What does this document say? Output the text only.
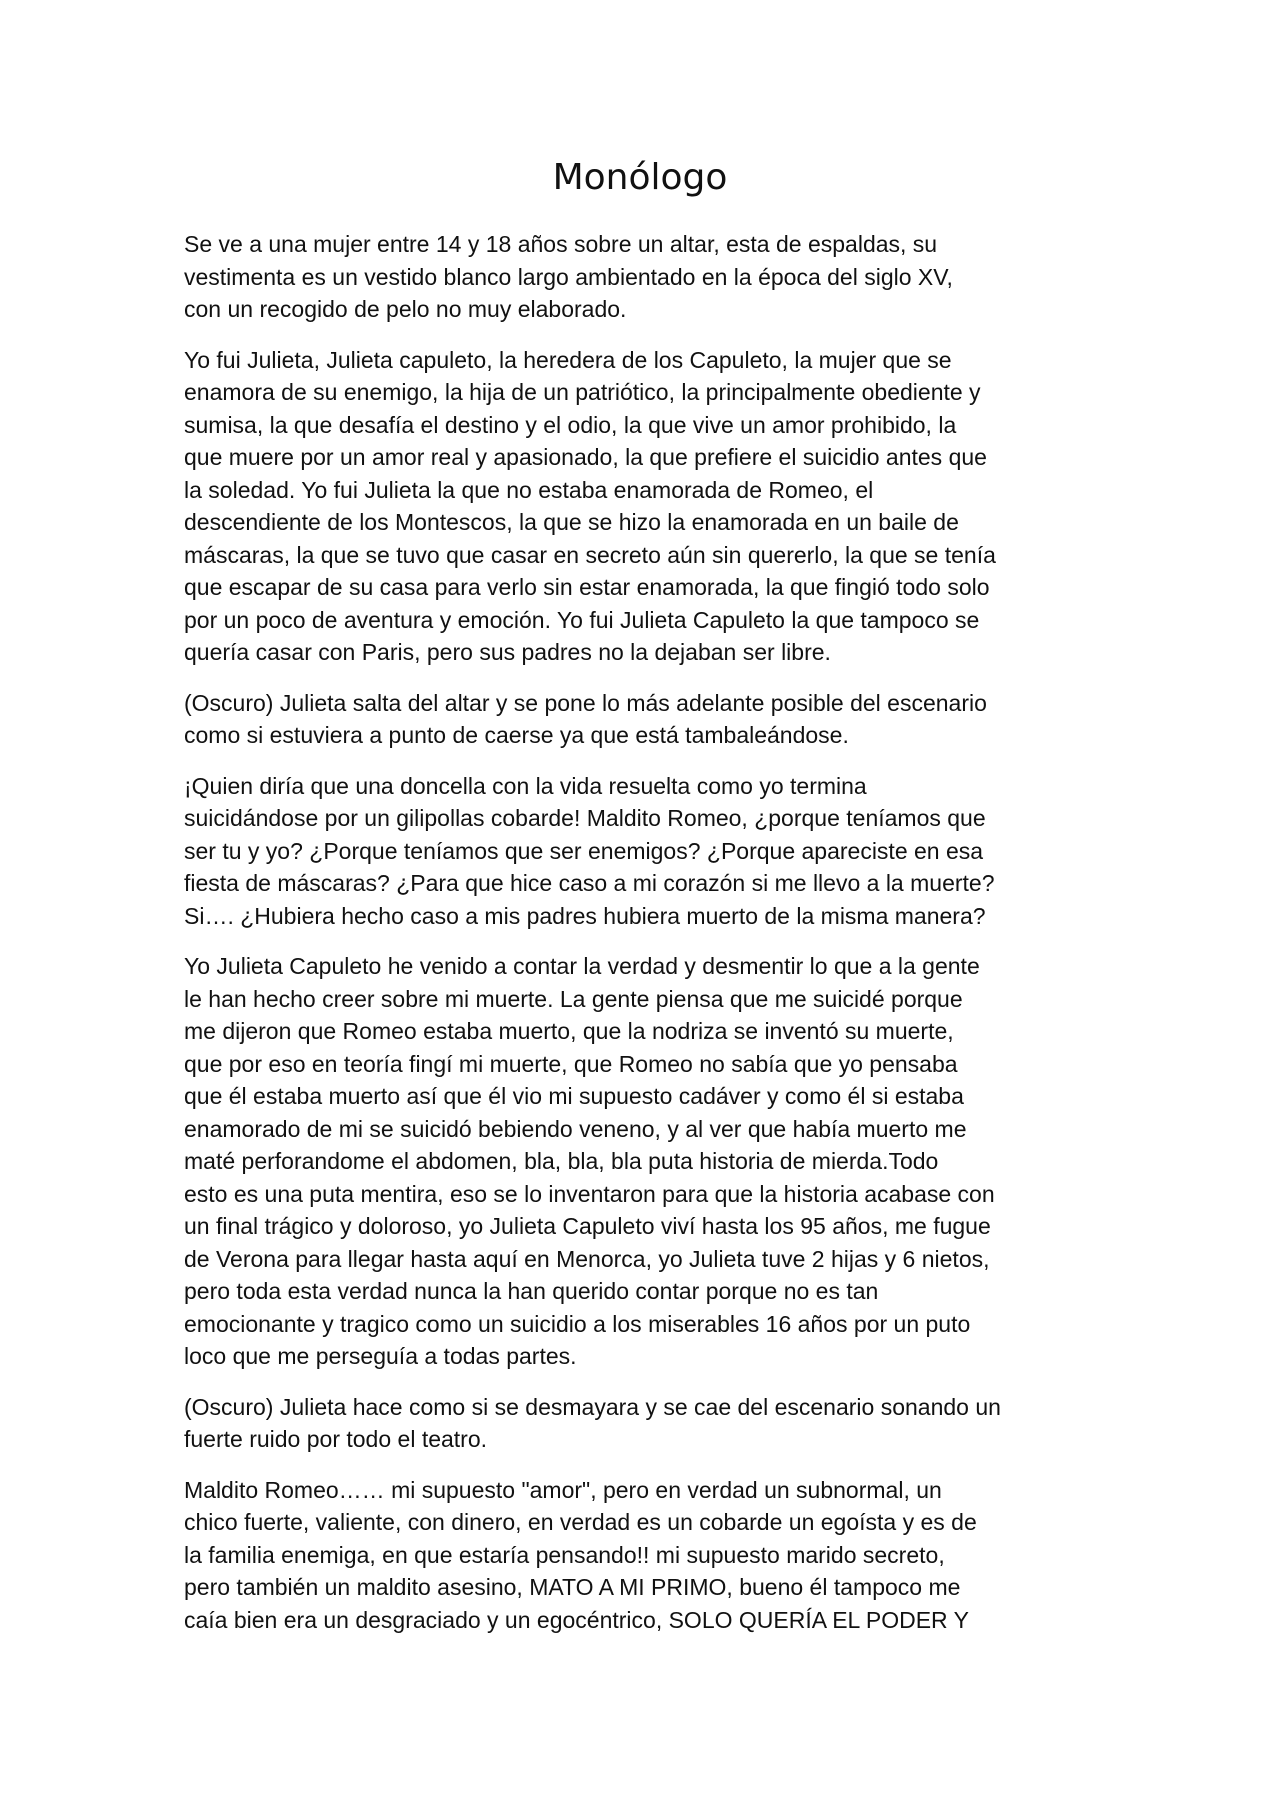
Monólogo

Se ve a una mujer entre 14 y 18 años sobre un altar, esta de espaldas, su
vestimenta es un vestido blanco largo ambientado en la época del siglo XV,
con un recogido de pelo no muy elaborado.

Yo fui Julieta, Julieta capuleto, la heredera de los Capuleto, la mujer que se
enamora de su enemigo, la hija de un patriótico, la principalmente obediente y
sumisa, la que desafía el destino y el odio, la que vive un amor prohibido, la
que muere por un amor real y apasionado, la que prefiere el suicidio antes que
la soledad. Yo fui Julieta la que no estaba enamorada de Romeo, el
descendiente de los Montescos, la que se hizo la enamorada en un baile de
máscaras, la que se tuvo que casar en secreto aún sin quererlo, la que se tenía
que escapar de su casa para verlo sin estar enamorada, la que fingió todo solo
por un poco de aventura y emoción. Yo fui Julieta Capuleto la que tampoco se
quería casar con Paris, pero sus padres no la dejaban ser libre.

(Oscuro) Julieta salta del altar y se pone lo más adelante posible del escenario
como si estuviera a punto de caerse ya que está tambaleándose.

¡Quien diría que una doncella con la vida resuelta como yo termina
suicidándose por un gilipollas cobarde! Maldito Romeo, ¿porque teníamos que
ser tu y yo? ¿Porque teníamos que ser enemigos? ¿Porque apareciste en esa
fiesta de máscaras? ¿Para que hice caso a mi corazón si me llevo a la muerte?
Si…. ¿Hubiera hecho caso a mis padres hubiera muerto de la misma manera?

Yo Julieta Capuleto he venido a contar la verdad y desmentir lo que a la gente
le han hecho creer sobre mi muerte. La gente piensa que me suicidé porque
me dijeron que Romeo estaba muerto, que la nodriza se inventó su muerte,
que por eso en teoría fingí mi muerte, que Romeo no sabía que yo pensaba
que él estaba muerto así que él vio mi supuesto cadáver y como él si estaba
enamorado de mi se suicidó bebiendo veneno, y al ver que había muerto me
maté perforandome el abdomen, bla, bla, bla puta historia de mierda.Todo
esto es una puta mentira, eso se lo inventaron para que la historia acabase con
un final trágico y doloroso, yo Julieta Capuleto viví hasta los 95 años, me fugue
de Verona para llegar hasta aquí en Menorca, yo Julieta tuve 2 hijas y 6 nietos,
pero toda esta verdad nunca la han querido contar porque no es tan
emocionante y tragico como un suicidio a los miserables 16 años por un puto
loco que me perseguía a todas partes.

(Oscuro) Julieta hace como si se desmayara y se cae del escenario sonando un
fuerte ruido por todo el teatro.

Maldito Romeo…… mi supuesto "amor", pero en verdad un subnormal, un
chico fuerte, valiente, con dinero, en verdad es un cobarde un egoísta y es de
la familia enemiga, en que estaría pensando!! mi supuesto marido secreto,
pero también un maldito asesino, MATO A MI PRIMO, bueno él tampoco me
caía bien era un desgraciado y un egocéntrico, SOLO QUERÍA EL PODER Y
